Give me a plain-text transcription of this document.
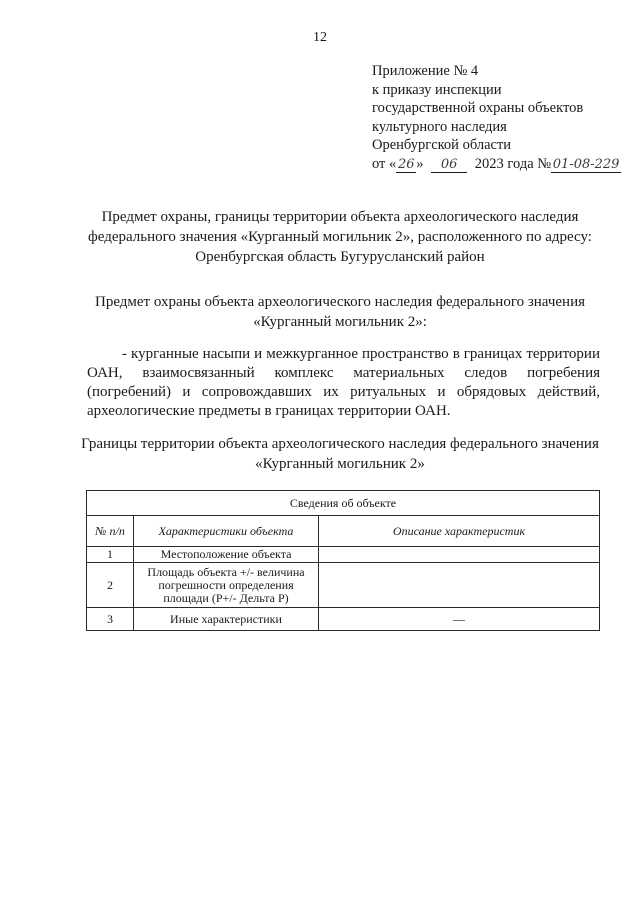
12
Приложение № 4
к приказу инспекции
государственной охраны объектов
культурного наследия
Оренбургской области
от « 26 » 06 2023 года № 01-08-229
Предмет охраны, границы территории объекта археологического наследия федерального значения «Курганный могильник 2», расположенного по адресу: Оренбургская область Бугурусланский район
Предмет охраны объекта археологического наследия федерального значения «Курганный могильник 2»:
- курганные насыпи и межкурганное пространство в границах территории ОАН, взаимосвязанный комплекс материальных следов погребения (погребений) и сопровождавших их ритуальных и обрядовых действий, археологические предметы в границах территории ОАН.
Границы территории объекта археологического наследия федерального значения «Курганный могильник 2»
Сведения об объекте		
№ п/п	Характеристики объекта	Описание характеристик
1	Местоположение объекта	
2	Площадь объекта +/- величина погрешности определения площади (P+/- Дельта P)	
3	Иные характеристики	—
